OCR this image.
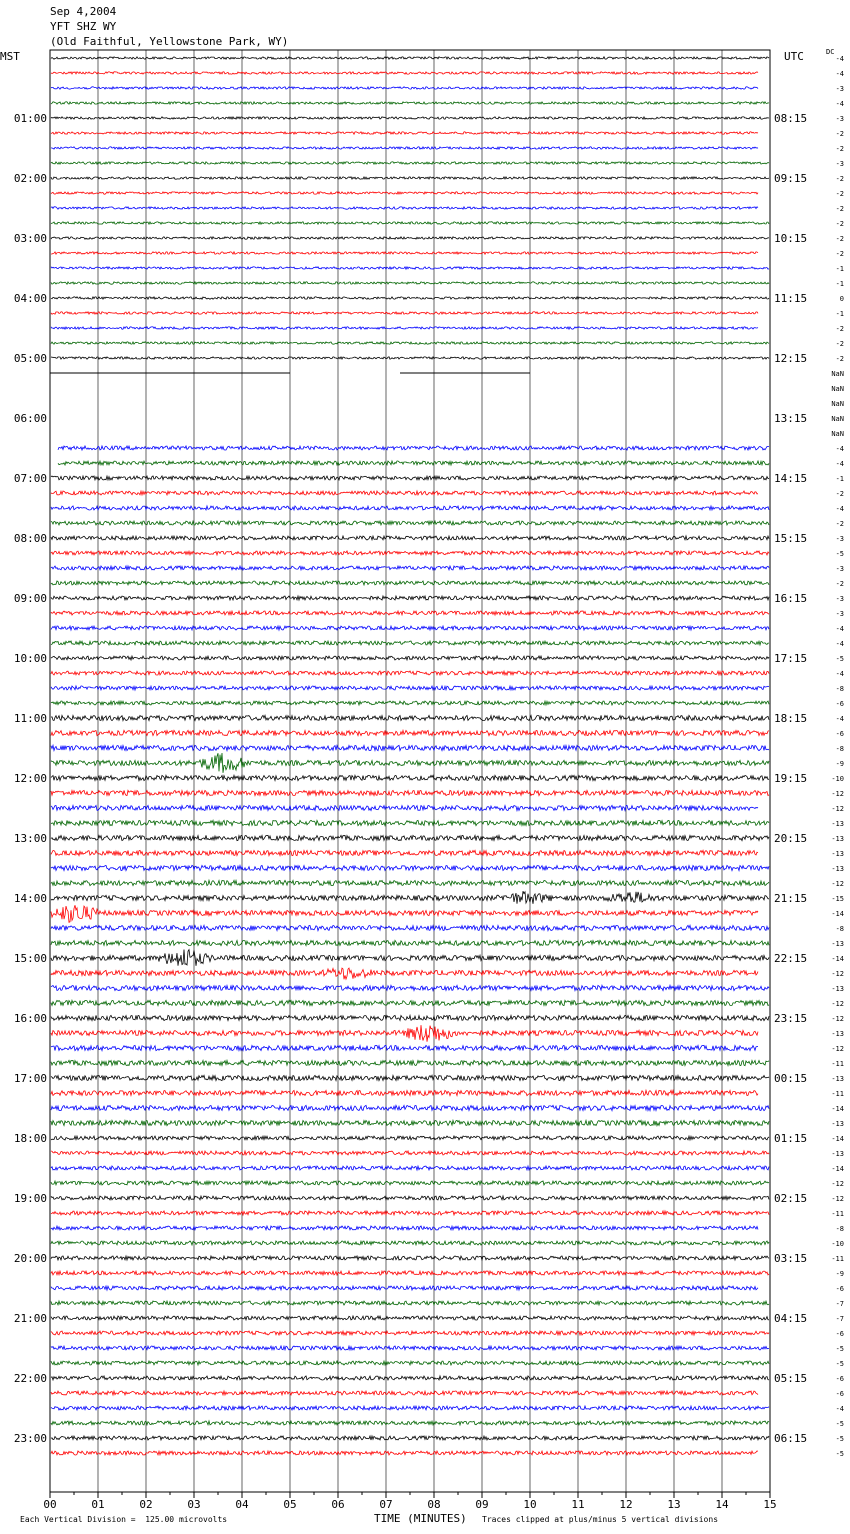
Sep 4,2004
YFT SHZ WY
(Old Faithful, Yellowstone Park, WY)
MST	UTC	DC
00	01	02	03	04	05	06	07	08	09	10	11	12	13	14	15
-4
-4
-3
-4
-3
-2
-2
-3
-2
-2
-2
-2
-2
-2
-1
-1
0
-1
-2
-2
-2
NaN
NaN
NaN
NaN
NaN
-4
-4
-1
-2
-4
-2
-3
-5
-3
-2
-3
-3
-4
-4
-5
-4
-8
-6
-4
-6
-8
-9
-10
-12
-12
-13
-13
-13
-13
-12
-15
-14
-8
-13
-14
-12
-13
-12
-12
-13
-12
-11
-13
-11
-14
-13
-14
-13
-14
-12
-12
-11
-8
-10
-11
-9
-6
-7
-7
-6
-5
-5
-6
-6
-4
-5
-5
-5
01:00
02:00
03:00
04:00
05:00
06:00
07:00
08:00
09:00
10:00
11:00
12:00
13:00
14:00
15:00
16:00
17:00
18:00
19:00
20:00
21:00
22:00
23:00
08:15
09:15
10:15
11:15
12:15
13:15
14:15
15:15
16:15
17:15
18:15
19:15
20:15
21:15
22:15
23:15
00:15
01:15
02:15
03:15
04:15
05:15
06:15
Each Vertical Division =  125.00 microvolts	TIME (MINUTES) Traces clipped at plus/minus 5 vertical divisions
